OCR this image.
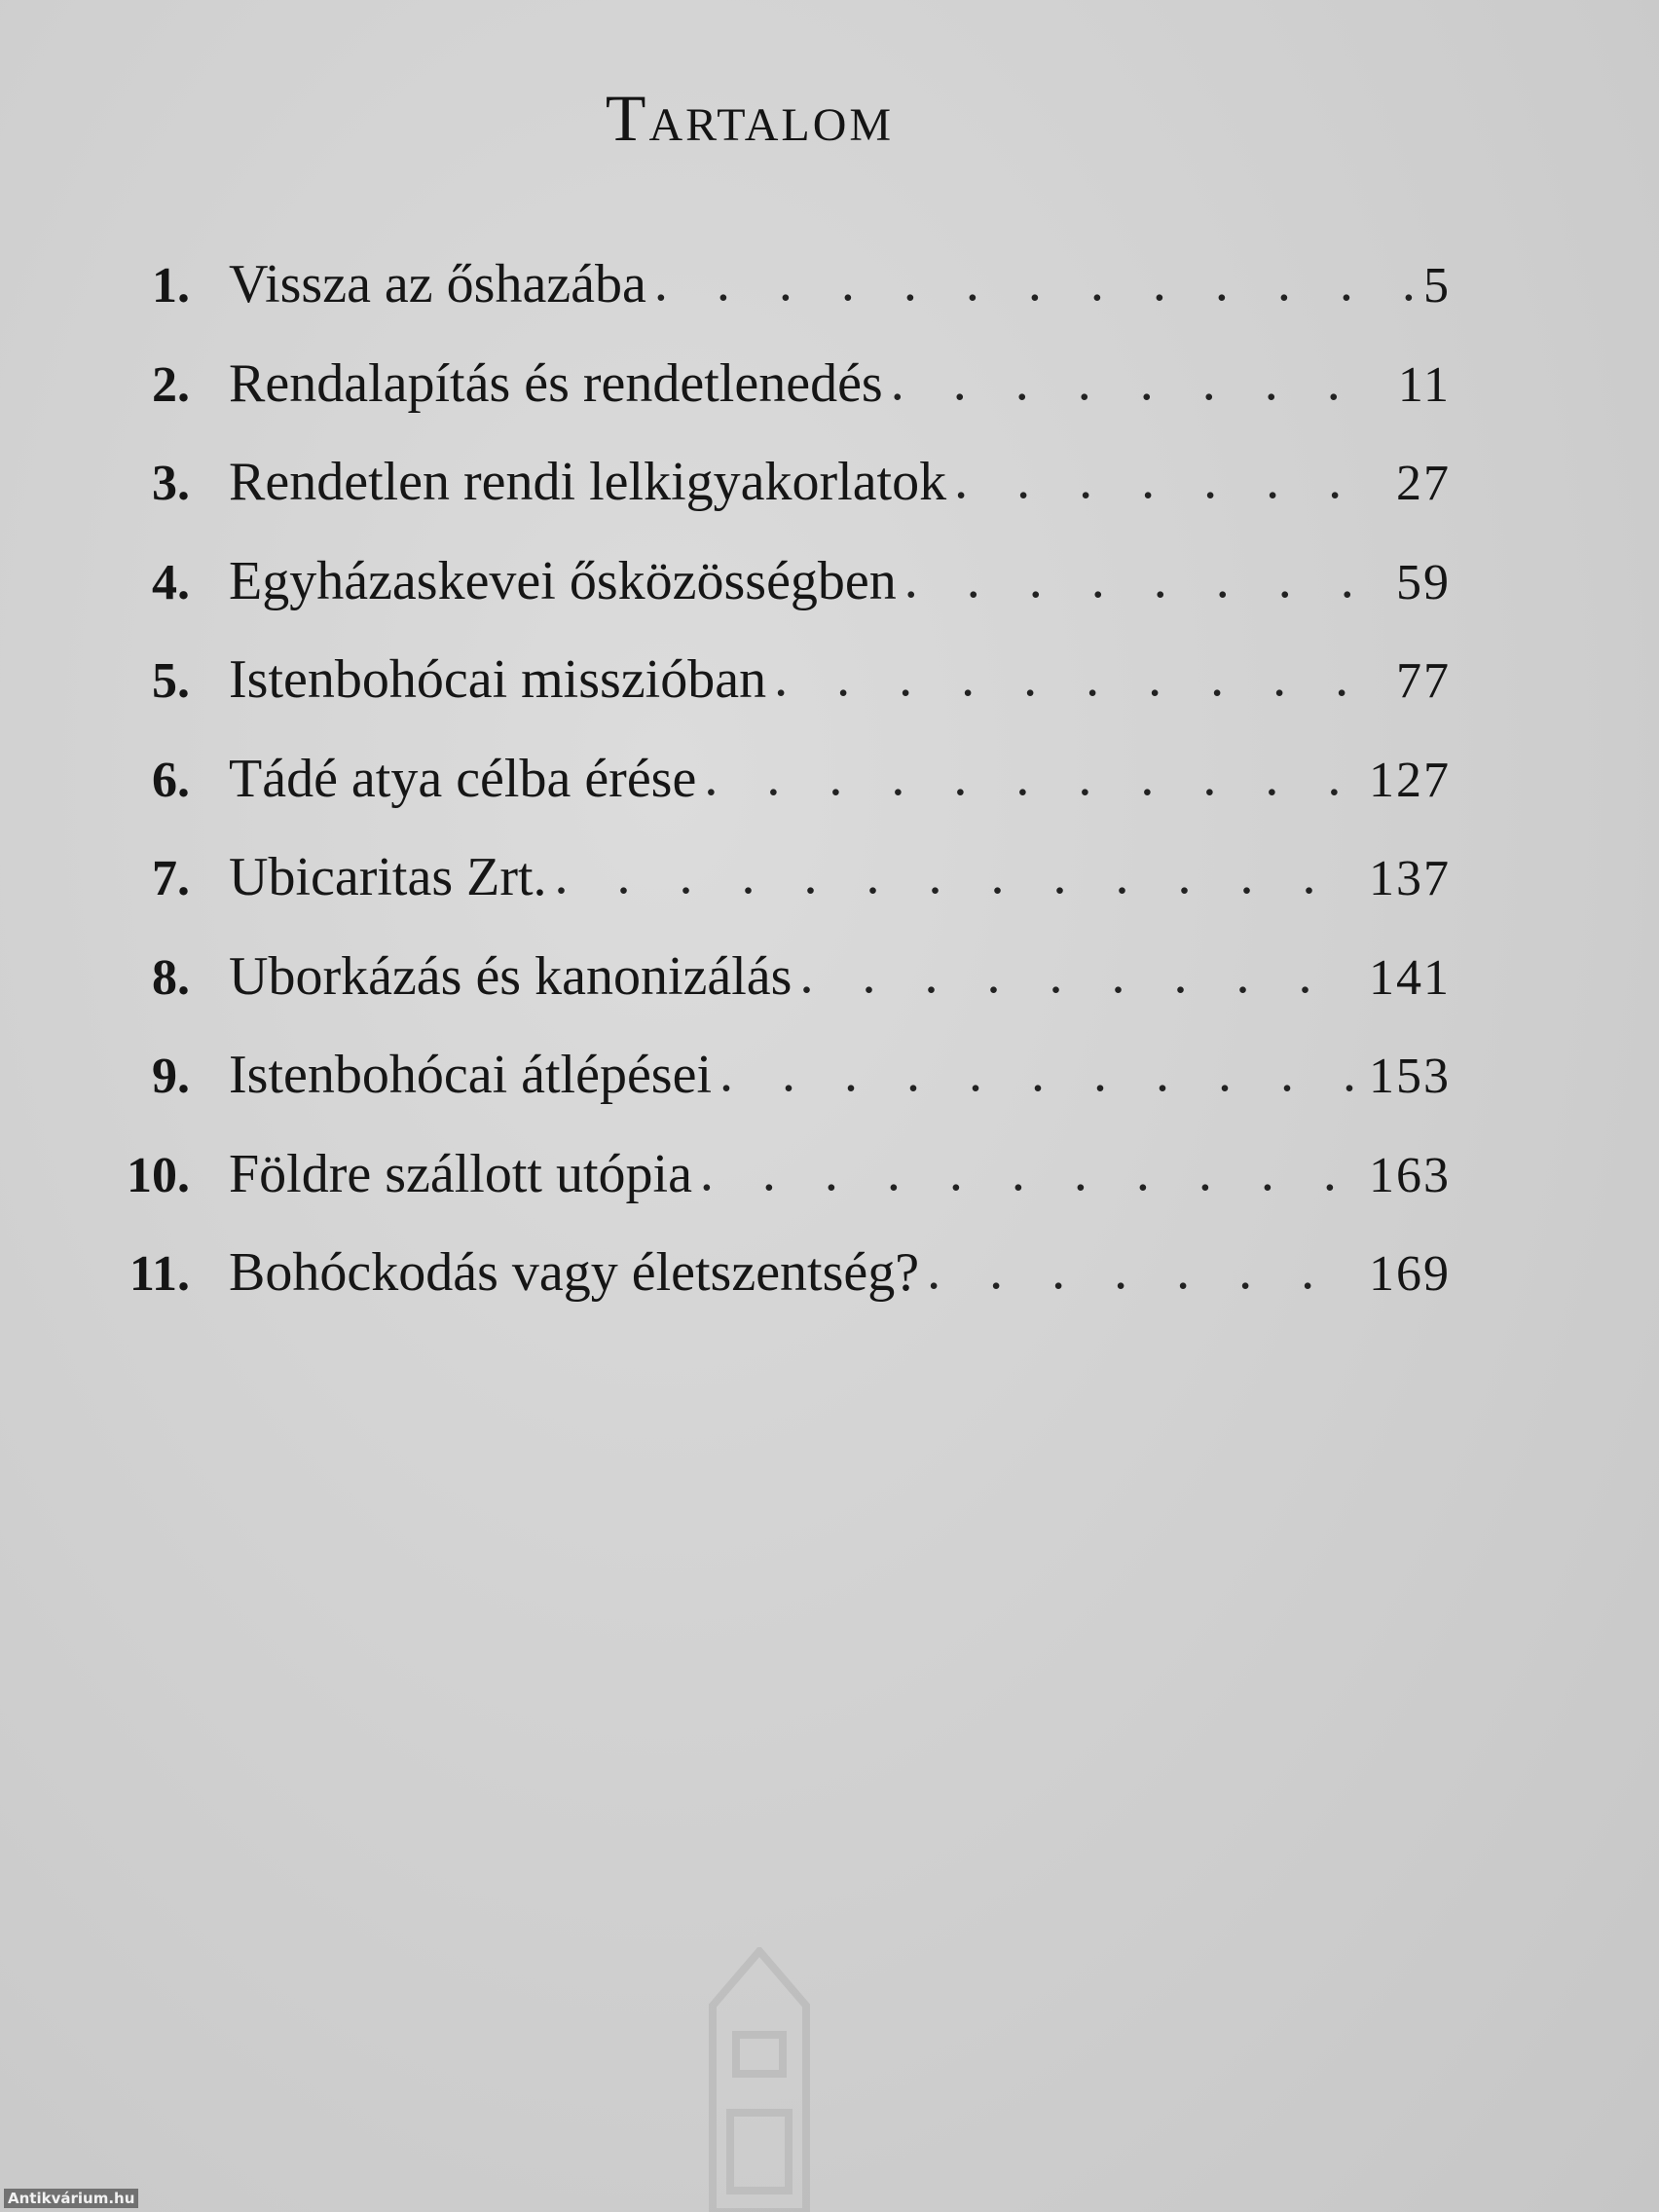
Tartalom
1. Vissza az őshazába . . .	5
2. Rendalapítás és rendetlenedés . . .	11
3. Rendetlen rendi lelkigyakorlatok . . .	27
4. Egyházaskevei ősközösségben . . .	59
5. Istenbohócai misszióban . . .	77
6. Tádé atya célba érése . . .	127
7. Ubicaritas Zrt. . . .	137
8. Uborkázás és kanonizálás . . .	141
9. Istenbohócai átlépései . . .	153
10. Földre szállott utópia . . .	163
11. Bohóckodás vagy életszentség? . . .	169
Antikvárium.hu
